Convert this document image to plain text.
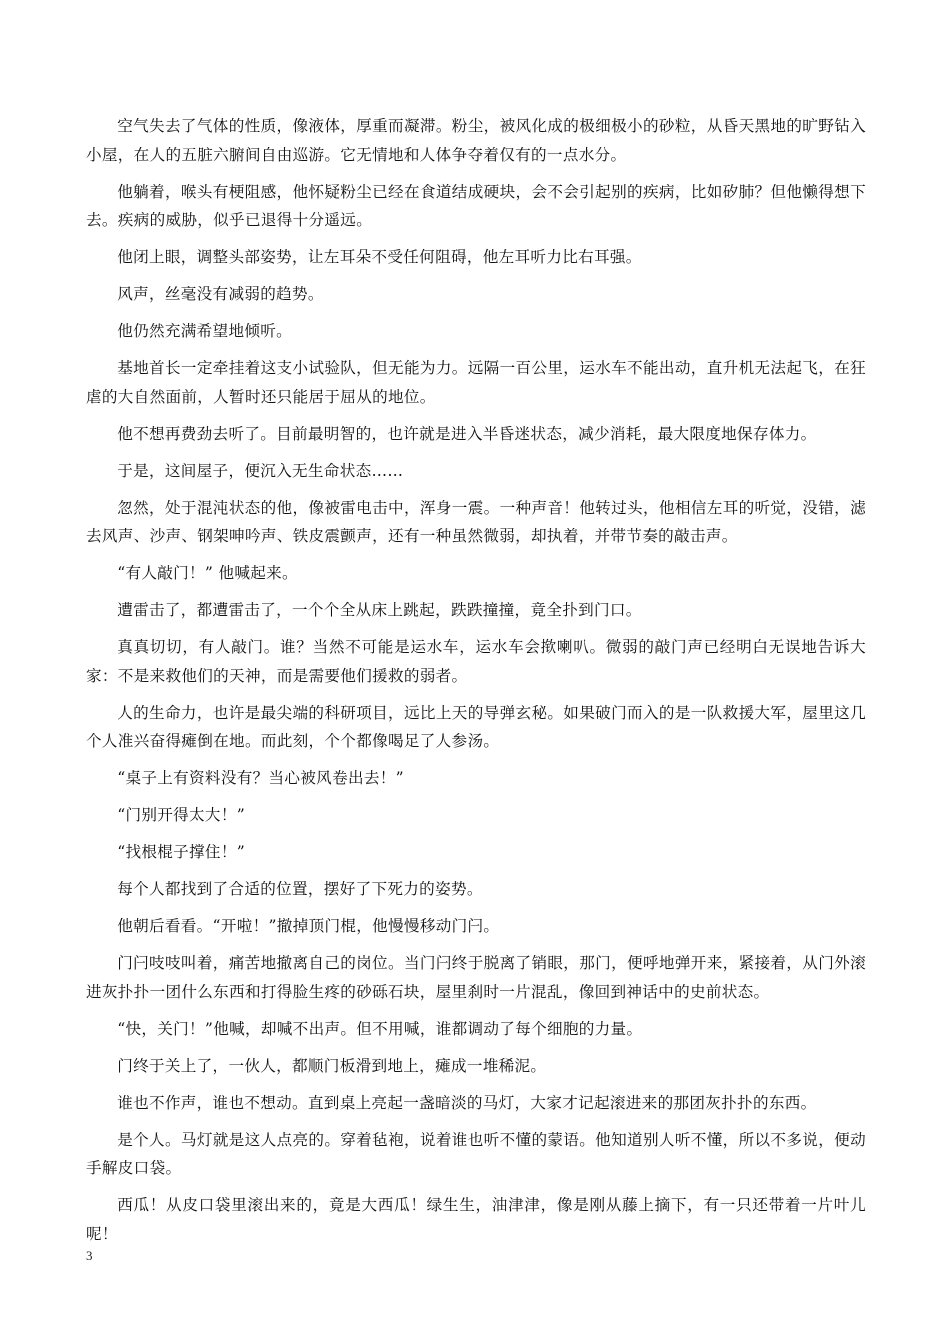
空气失去了气体的性质，像液体，厚重而凝滞。粉尘，被风化成的极细极小的砂粒，从昏天黑地的旷野钻入小屋，在人的五脏六腑间自由巡游。它无情地和人体争夺着仅有的一点水分。

他躺着，喉头有梗阻感，他怀疑粉尘已经在食道结成硬块，会不会引起别的疾病，比如矽肺？但他懒得想下去。疾病的威胁，似乎已退得十分遥远。

他闭上眼，调整头部姿势，让左耳朵不受任何阻碍，他左耳听力比右耳强。

风声，丝毫没有减弱的趋势。

他仍然充满希望地倾听。

基地首长一定牵挂着这支小试验队，但无能为力。远隔一百公里，运水车不能出动，直升机无法起飞，在狂虐的大自然面前，人暂时还只能居于屈从的地位。

他不想再费劲去听了。目前最明智的，也许就是进入半昏迷状态，减少消耗，最大限度地保存体力。

于是，这间屋子，便沉入无生命状态……

忽然，处于混沌状态的他，像被雷电击中，浑身一震。一种声音！他转过头，他相信左耳的听觉，没错，滤去风声、沙声、钢架呻吟声、铁皮震颤声，还有一种虽然微弱，却执着，并带节奏的敲击声。

“有人敲门！” 他喊起来。

遭雷击了，都遭雷击了，一个个全从床上跳起，跌跌撞撞，竟全扑到门口。

真真切切，有人敲门。谁？当然不可能是运水车，运水车会揿喇叭。微弱的敲门声已经明白无误地告诉大家：不是来救他们的天神，而是需要他们援救的弱者。

人的生命力，也许是最尖端的科研项目，远比上天的导弹玄秘。如果破门而入的是一队救援大军，屋里这几个人准兴奋得瘫倒在地。而此刻，个个都像喝足了人参汤。

“桌子上有资料没有？当心被风卷出去！”

“门别开得太大！”

“找根棍子撑住！”

每个人都找到了合适的位置，摆好了下死力的姿势。

他朝后看看。“开啦！”撤掉顶门棍，他慢慢移动门闩。

门闩吱吱叫着，痛苦地撤离自己的岗位。当门闩终于脱离了销眼，那门，便呼地弹开来，紧接着，从门外滚进灰扑扑一团什么东西和打得脸生疼的砂砾石块，屋里刹时一片混乱，像回到神话中的史前状态。

“快，关门！”他喊，却喊不出声。但不用喊，谁都调动了每个细胞的力量。

门终于关上了，一伙人，都顺门板滑到地上，瘫成一堆稀泥。

谁也不作声，谁也不想动。直到桌上亮起一盏暗淡的马灯，大家才记起滚进来的那团灰扑扑的东西。

是个人。马灯就是这人点亮的。穿着毡袍，说着谁也听不懂的蒙语。他知道别人听不懂，所以不多说，便动手解皮口袋。

西瓜！从皮口袋里滚出来的，竟是大西瓜！绿生生，油津津，像是刚从藤上摘下，有一只还带着一片叶儿呢！

3
